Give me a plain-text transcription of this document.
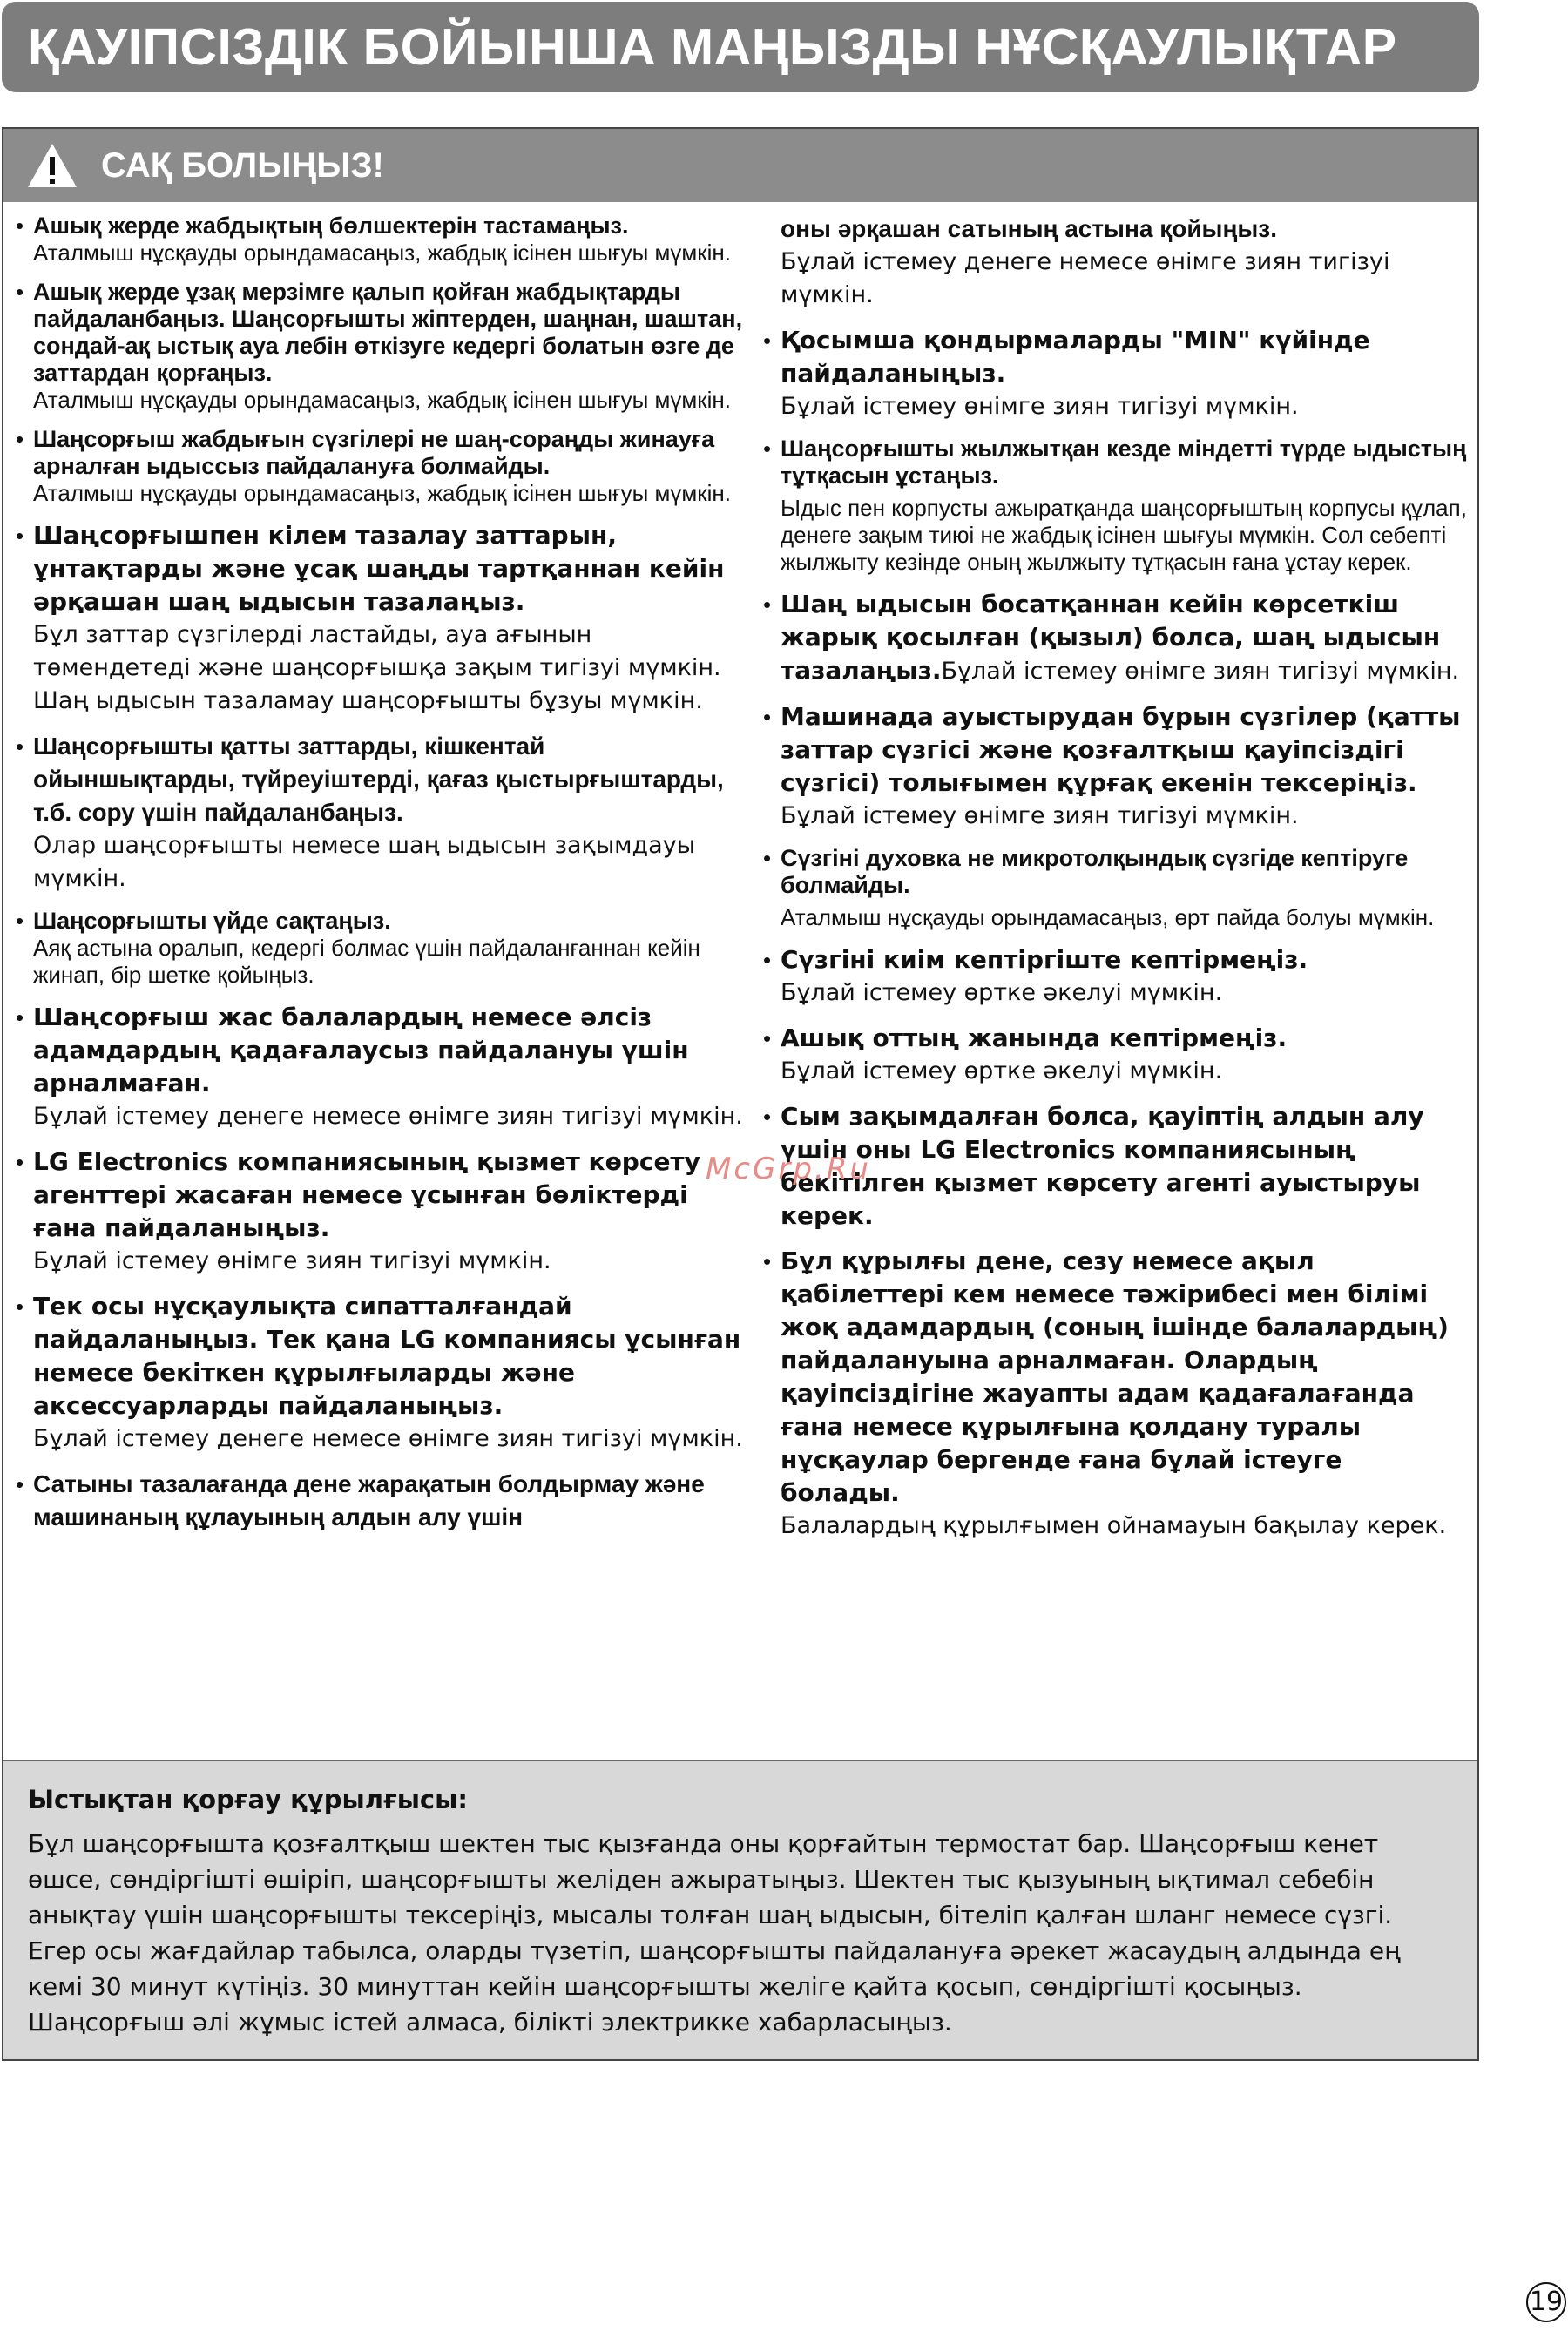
ҚАУІПСІЗДІК БОЙЫНША МАҢЫЗДЫ НҰСҚАУЛЫҚТАР
САҚ БОЛЫҢЫЗ!
• Ашық жерде жабдықтың бөлшектерін тастамаңыз.
Аталмыш нұсқауды орындамасаңыз, жабдық ісінен шығуы мүмкін.
• Ашық жерде ұзақ мерзімге қалып қойған жабдықтарды пайдаланбаңыз. Шаңсорғышты жіптерден, шаңнан, шаштан, сондай-ақ ыстық ауа лебін өткізуге кедергі болатын өзге де заттардан қорғаңыз.
Аталмыш нұсқауды орындамасаңыз, жабдық ісінен шығуы мүмкін.
• Шаңсорғыш жабдығын сүзгілері не шаң-сораңды жинауға арналған ыдыссыз пайдалануға болмайды.
Аталмыш нұсқауды орындамасаңыз, жабдық ісінен шығуы мүмкін.
• Шаңсорғышпен кілем тазалау заттарын, ұнтақтарды және ұсақ шаңды тартқаннан кейін әрқашан шаң ыдысын тазалаңыз.
Бұл заттар сүзгілерді ластайды, ауа ағынын төмендетеді және шаңсорғышқа зақым тигізуі мүмкін. Шаң ыдысын тазаламау шаңсорғышты бұзуы мүмкін.
• Шаңсорғышты қатты заттарды, кішкентай ойыншықтарды, түйреуіштерді, қағаз қыстырғыштарды, т.б. сору үшін пайдаланбаңыз.
Олар шаңсорғышты немесе шаң ыдысын зақымдауы мүмкін.
• Шаңсорғышты үйде сақтаңыз.
Аяқ астына оралып, кедергі болмас үшін пайдаланғаннан кейін жинап, бір шетке қойыңыз.
• Шаңсорғыш жас балалардың немесе әлсіз адамдардың қадағалаусыз пайдалануы үшін арналмаған.
Бұлай істемеу денеге немесе өнімге зиян тигізуі мүмкін.
• LG Electronics компаниясының қызмет көрсету агенттері жасаған немесе ұсынған бөліктерді ғана пайдаланыңыз.
Бұлай істемеу өнімге зиян тигізуі мүмкін.
• Тек осы нұсқаулықта сипатталғандай пайдаланыңыз. Тек қана LG компаниясы ұсынған немесе бекіткен құрылғыларды және аксессуарларды пайдаланыңыз.
Бұлай істемеу денеге немесе өнімге зиян тигізуі мүмкін.
• Сатыны тазалағанда дене жарақатын болдырмау және машинаның құлауының алдын алу үшін
оны әрқашан сатының астына қойыңыз.
Бұлай істемеу денеге немесе өнімге зиян тигізуі мүмкін.
• Қосымша қондырмаларды "MIN" күйінде пайдаланыңыз.
Бұлай істемеу өнімге зиян тигізуі мүмкін.
• Шаңсорғышты жылжытқан кезде міндетті түрде ыдыстың тұтқасын ұстаңыз.
Ыдыс пен корпусты ажыратқанда шаңсорғыштың корпусы құлап, денеге зақым тиюі не жабдық ісінен шығуы мүмкін. Сол себепті жылжыту кезінде оның жылжыту тұтқасын ғана ұстау керек.
• Шаң ыдысын босатқаннан кейін көрсеткіш жарық қосылған (қызыл) болса, шаң ыдысын тазалаңыз.Бұлай істемеу өнімге зиян тигізуі мүмкін.
• Машинада ауыстырудан бұрын сүзгілер (қатты заттар сүзгісі және қозғалтқыш қауіпсіздігі сүзгісі) толығымен құрғақ екенін тексеріңіз.
Бұлай істемеу өнімге зиян тигізуі мүмкін.
• Сүзгіні духовка не микротолқындық сүзгіде кептіруге болмайды.
Аталмыш нұсқауды орындамасаңыз, өрт пайда болуы мүмкін.
• Сүзгіні киім кептіргіште кептірмеңіз.
Бұлай істемеу өртке әкелуі мүмкін.
• Ашық оттың жанында кептірмеңіз.
Бұлай істемеу өртке әкелуі мүмкін.
• Сым зақымдалған болса, қауіптің алдын алу үшін оны LG Electronics компаниясының бекітілген қызмет көрсету агенті ауыстыруы керек.
• Бұл құрылғы дене, сезу немесе ақыл қабілеттері кем немесе тәжірибесі мен білімі жоқ адамдардың (соның ішінде балалардың) пайдалануына арналмаған. Олардың қауіпсіздігіне жауапты адам қадағалағанда ғана немесе құрылғына қолдану туралы нұсқаулар бергенде ғана бұлай істеуге болады.
Балалардың құрылғымен ойнамауын бақылау керек.
Ыстықтан қорғау құрылғысы:
Бұл шаңсорғышта қозғалтқыш шектен тыс қызғанда оны қорғайтын термостат бар. Шаңсорғыш кенет өшсе, сөндіргішті өшіріп, шаңсорғышты желіден ажыратыңыз. Шектен тыс қызуының ықтимал себебін анықтау үшін шаңсорғышты тексеріңіз, мысалы толған шаң ыдысын, бітеліп қалған шланг немесе сүзгі. Егер осы жағдайлар табылса, оларды түзетіп, шаңсорғышты пайдалануға әрекет жасаудың алдында ең кемі 30 минут күтіңіз. 30 минуттан кейін шаңсорғышты желіге қайта қосып, сөндіргішті қосыңыз. Шаңсорғыш әлі жұмыс істей алмаса, білікті электрикке хабарласыңыз.
McGrp.Ru
19
